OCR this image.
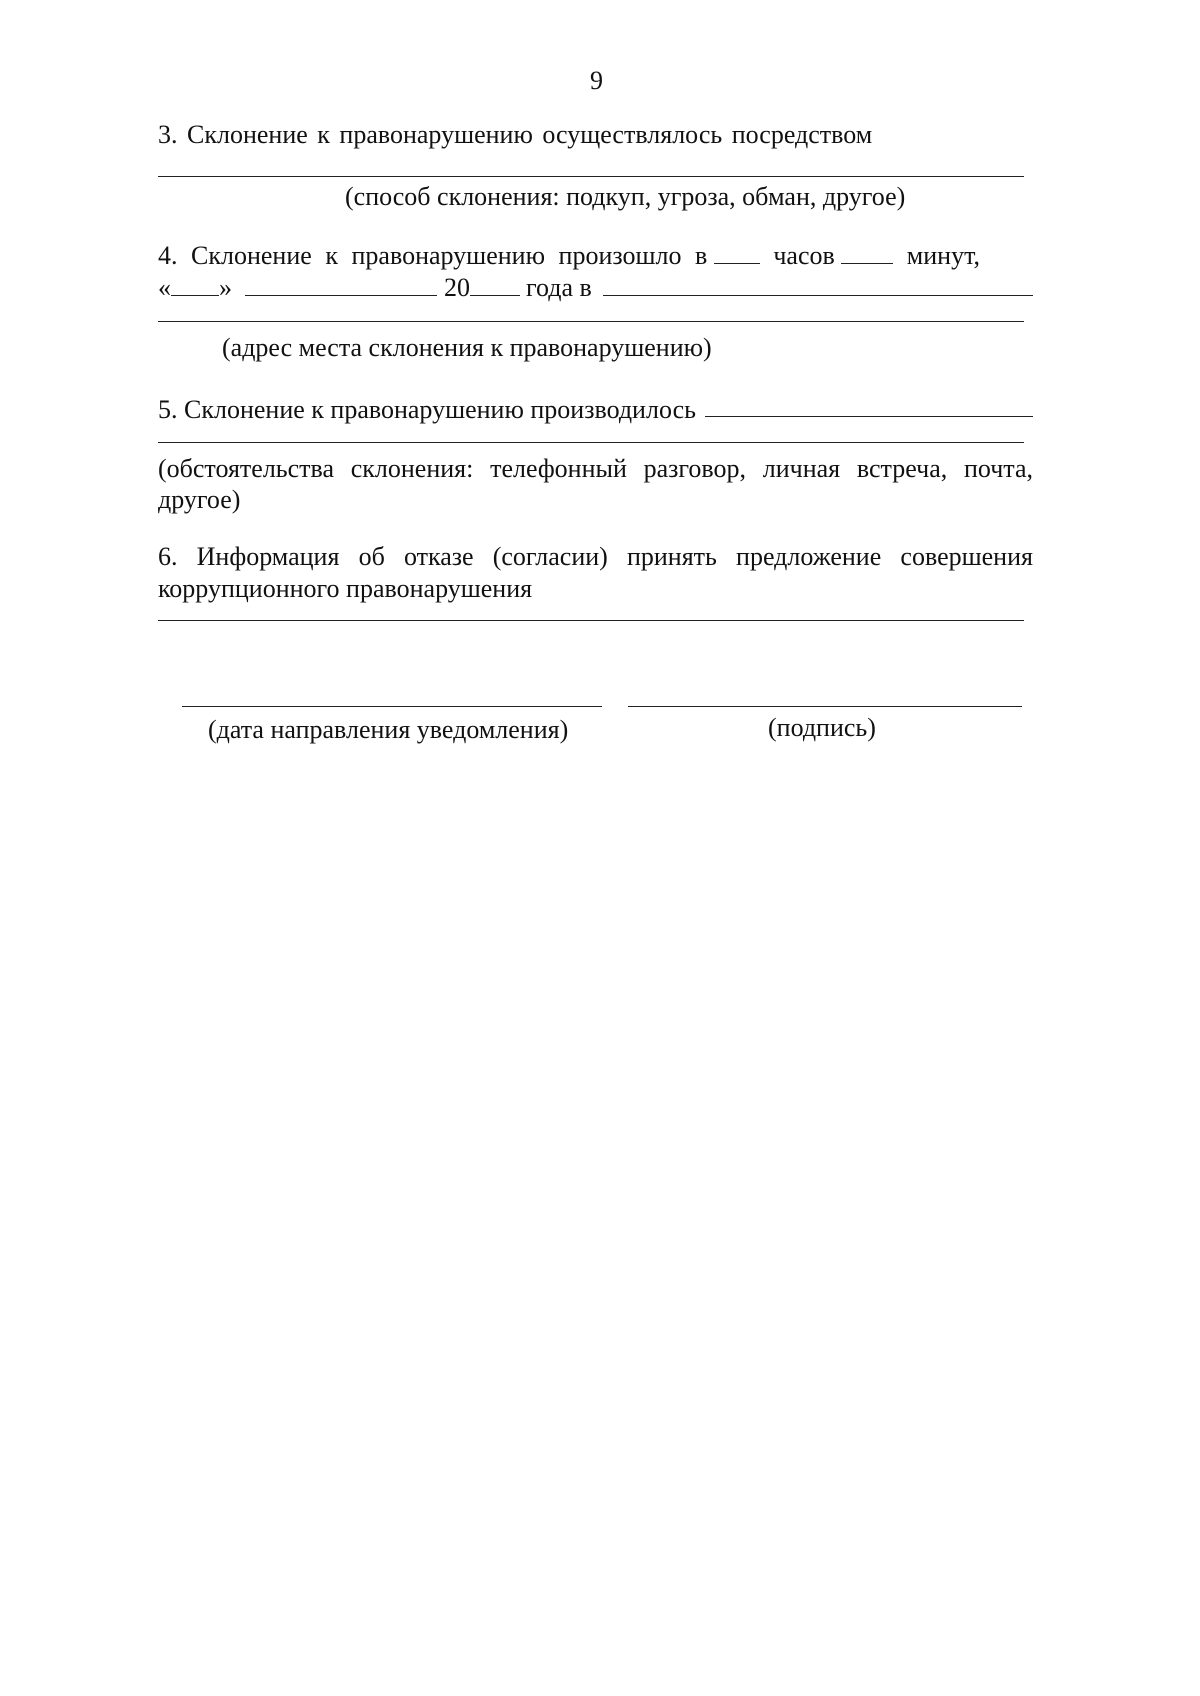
9
3. Склонение к правонарушению осуществлялось посредством
(способ склонения: подкуп, угроза, обман, другое)
4. Склонение к правонарушению произошло в	часов	минут,
« »	20 года в
(адрес места склонения к правонарушению)
5. Склонение к правонарушению производилось
(обстоятельства склонения: телефонный разговор, личная встреча, почта,
другое)
6. Информация об отказе (согласии) принять предложение совершения
коррупционного правонарушения
(дата направления уведомления)	(подпись)
